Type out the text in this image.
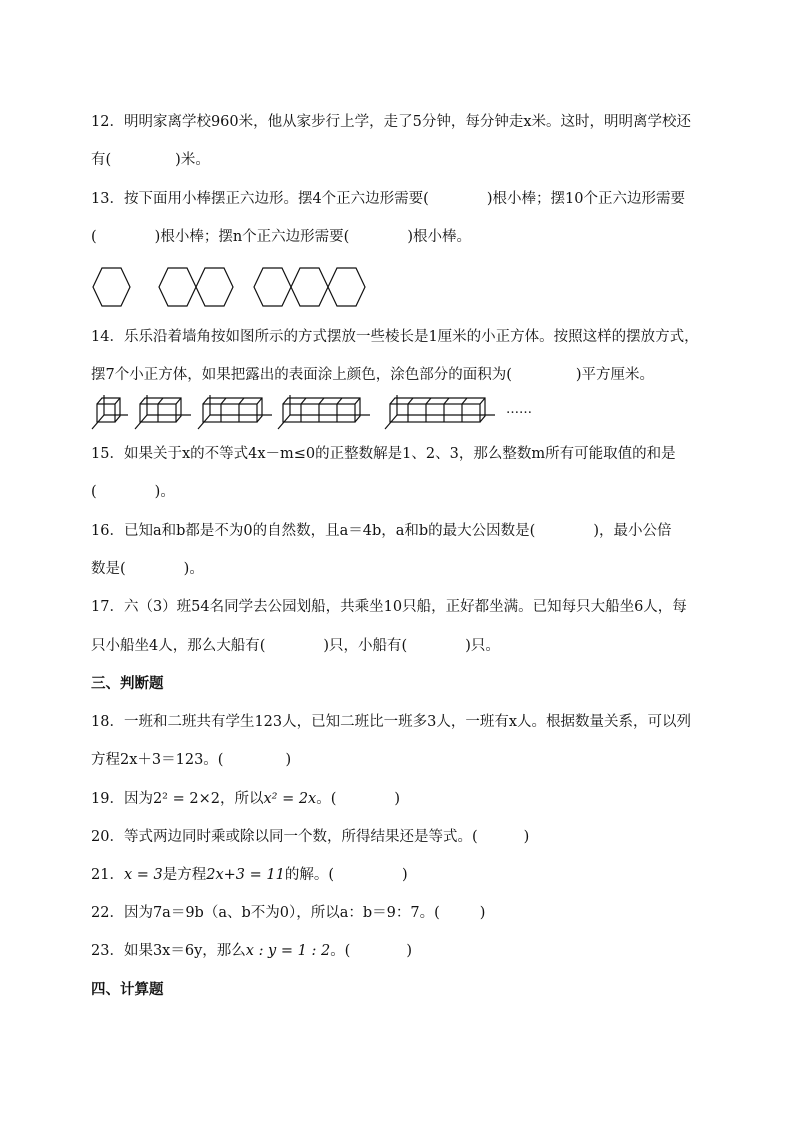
12．明明家离学校960米，他从家步行上学，走了5分钟，每分钟走x米。这时，明明离学校还
有(	)米。
13．按下面用小棒摆正六边形。摆4个正六边形需要(	)根小棒；摆10个正六边形需要
(	)根小棒；摆n个正六边形需要(	)根小棒。
14．乐乐沿着墙角按如图所示的方式摆放一些棱长是1厘米的小正方体。按照这样的摆放方式，
摆7个小正方体，如果把露出的表面涂上颜色，涂色部分的面积为(	)平方厘米。
……
15．如果关于x的不等式4x－m≤0的正整数解是1、2、3，那么整数m所有可能取值的和是
(	)。
16．已知a和b都是不为0的自然数，且a＝4b，a和b的最大公因数是(	)，最小公倍
数是(	)。
17．六（3）班54名同学去公园划船，共乘坐10只船，正好都坐满。已知每只大船坐6人，每
只小船坐4人，那么大船有(	)只，小船有(	)只。
三、判断题
18．一班和二班共有学生123人，已知二班比一班多3人，一班有x人。根据数量关系，可以列
方程2x＋3＝123。(	)
19．因为2² = 2×2，所以x² = 2x。(	)
20．等式两边同时乘或除以同一个数，所得结果还是等式。(	)
21．x = 3是方程2x+3 = 11的解。(	)
22．因为7a＝9b（a、b不为0），所以a：b＝9：7。(	)
23．如果3x＝6y，那么x : y = 1 : 2。(	)
四、计算题
